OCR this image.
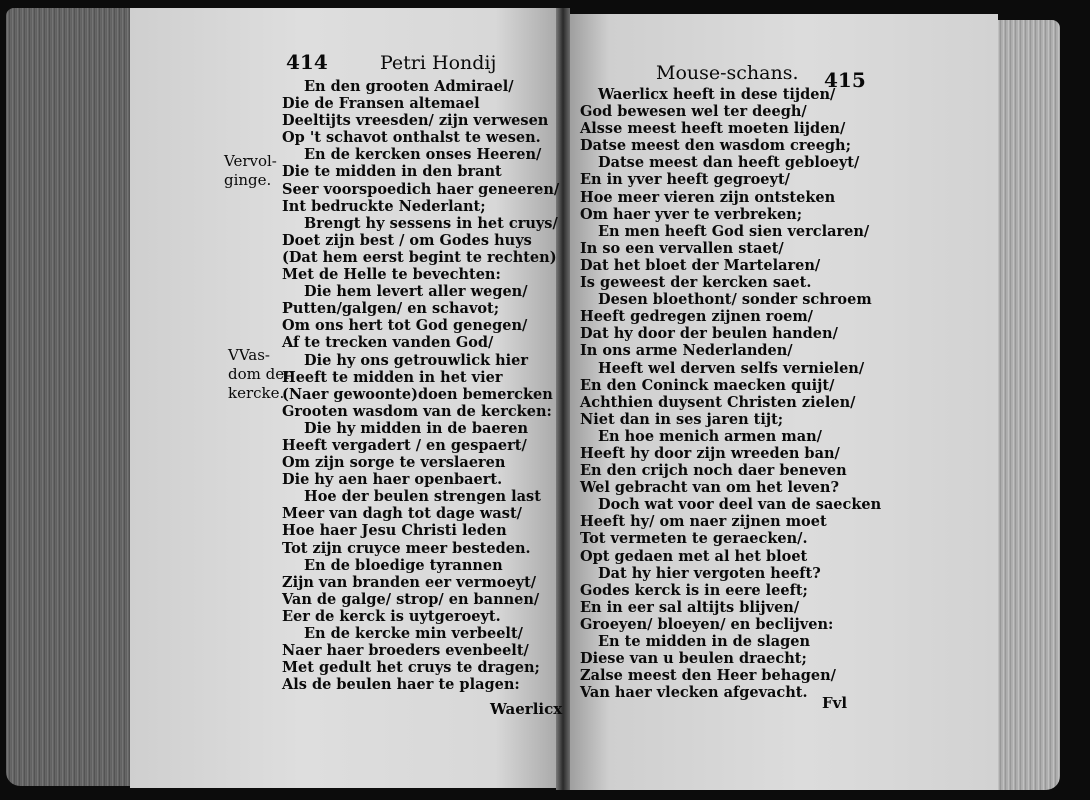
414	Petri Hondij
Vervol-
ginge.
VVas-
dom der
kercke.
En den grooten Admirael/
Die de Fransen altemael
Deeltijts vreesden/ zijn verwesen
Op 't schavot onthalst te wesen.
En de kercken onses Heeren/
Die te midden in den brant
Seer voorspoedich haer geneeren/
Int bedruckte Nederlant;
Brengt hy sessens in het cruys/
Doet zijn best / om Godes huys
(Dat hem eerst begint te rechten)
Met de Helle te bevechten:
Die hem levert aller wegen/
Putten/galgen/ en schavot;
Om ons hert tot God genegen/
Af te trecken vanden God/
Die hy ons getrouwlick hier
Heeft te midden in het vier
(Naer gewoonte)doen bemercken
Grooten wasdom van de kercken:
Die hy midden in de baeren
Heeft vergadert / en gespaert/
Om zijn sorge te verslaeren
Die hy aen haer openbaert.
Hoe der beulen strengen last
Meer van dagh tot dage wast/
Hoe haer Jesu Christi leden
Tot zijn cruyce meer besteden.
En de bloedige tyrannen
Zijn van branden eer vermoeyt/
Van de galge/ strop/ en bannen/
Eer de kerck is uytgeroeyt.
En de kercke min verbeelt/
Naer haer broeders evenbeelt/
Met gedult het cruys te dragen;
Als de beulen haer te plagen:
Waerlicx
Mouse-schans. 415
Waerlicx heeft in dese tijden/
God bewesen wel ter deegh/
Alsse meest heeft moeten lijden/
Datse meest den wasdom creegh;
Datse meest dan heeft gebloeyt/
En in yver heeft gegroeyt/
Hoe meer vieren zijn ontsteken
Om haer yver te verbreken;
En men heeft God sien verclaren/
In so een vervallen staet/
Dat het bloet der Martelaren/
Is geweest der kercken saet.
Desen bloethont/ sonder schroem
Heeft gedregen zijnen roem/
Dat hy door der beulen handen/
In ons arme Nederlanden/
Heeft wel derven selfs vernielen/
En den Coninck maecken quijt/
Achthien duysent Christen zielen/
Niet dan in ses jaren tijt;
En hoe menich armen man/
Heeft hy door zijn wreeden ban/
En den crijch noch daer beneven
Wel gebracht van om het leven?
Doch wat voor deel van de saecken
Heeft hy/ om naer zijnen moet
Tot vermeten te geraecken/.
Opt gedaen met al het bloet
Dat hy hier vergoten heeft?
Godes kerck is in eere leeft;
En in eer sal altijts blijven/
Groeyen/ bloeyen/ en beclijven:
En te midden in de slagen
Diese van u beulen draecht;
Zalse meest den Heer behagen/
Van haer vlecken afgevacht.
Fvl
